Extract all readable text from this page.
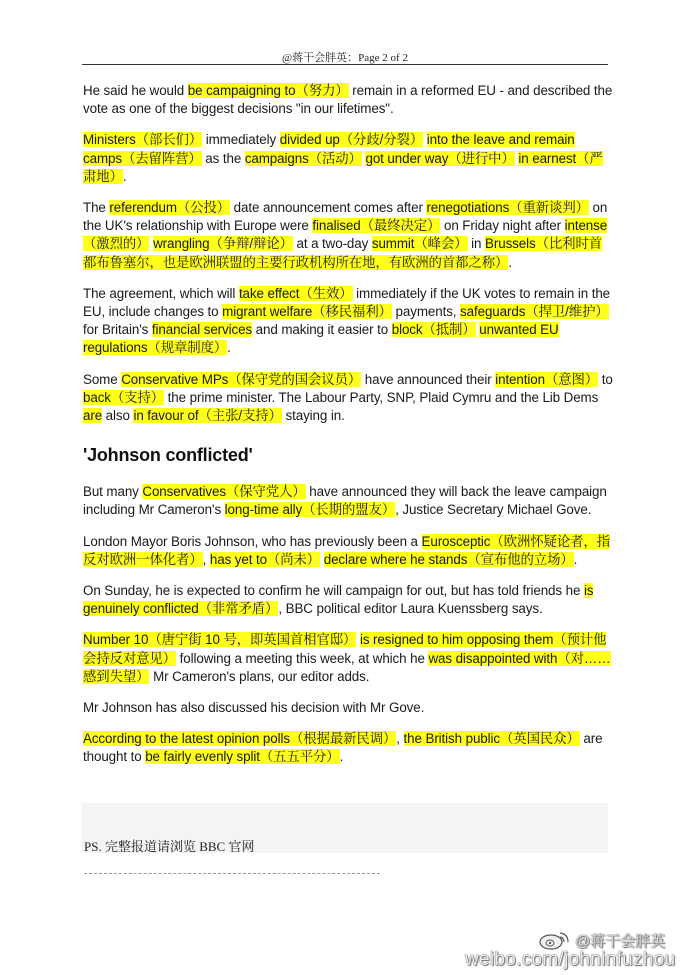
@蒋干会胖英：Page 2 of 2

He said he would be campaigning to（努力） remain in a reformed EU - and described the vote as one of the biggest decisions "in our lifetimes".

Ministers（部长们） immediately divided up（分歧/分裂） into the leave and remain camps（去留阵营） as the campaigns（活动） got under way（进行中） in earnest（严肃地）.

The referendum（公投） date announcement comes after renegotiations（重新谈判） on the UK's relationship with Europe were finalised（最终决定） on Friday night after intense（激烈的） wrangling（争辩/辩论） at a two-day summit（峰会） in Brussels（比利时首都布鲁塞尔，也是欧洲联盟的主要行政机构所在地，有欧洲的首都之称）.

The agreement, which will take effect（生效） immediately if the UK votes to remain in the EU, include changes to migrant welfare（移民福利） payments, safeguards（捍卫/维护） for Britain's financial services and making it easier to block（抵制） unwanted EU regulations（规章制度）.

Some Conservative MPs（保守党的国会议员） have announced their intention（意图） to back（支持） the prime minister. The Labour Party, SNP, Plaid Cymru and the Lib Dems are also in favour of（主张/支持） staying in.

'Johnson conflicted'

But many Conservatives（保守党人） have announced they will back the leave campaign including Mr Cameron's long-time ally（长期的盟友）, Justice Secretary Michael Gove.

London Mayor Boris Johnson, who has previously been a Eurosceptic（欧洲怀疑论者，指反对欧洲一体化者）, has yet to（尚未） declare where he stands（宣布他的立场）.

On Sunday, he is expected to confirm he will campaign for out, but has told friends he is genuinely conflicted（非常矛盾）, BBC political editor Laura Kuenssberg says.

Number 10（唐宁街 10 号，即英国首相官邸） is resigned to him opposing them（预计他会持反对意见） following a meeting this week, at which he was disappointed with（对……感到失望） Mr Cameron's plans, our editor adds.

Mr Johnson has also discussed his decision with Mr Gove.

According to the latest opinion polls（根据最新民调）, the British public（英国民众） are thought to be fairly evenly split（五五平分）.

PS. 完整报道请浏览 BBC 官网
@蒋干会胖英
weibo.com/johninfuzhou
